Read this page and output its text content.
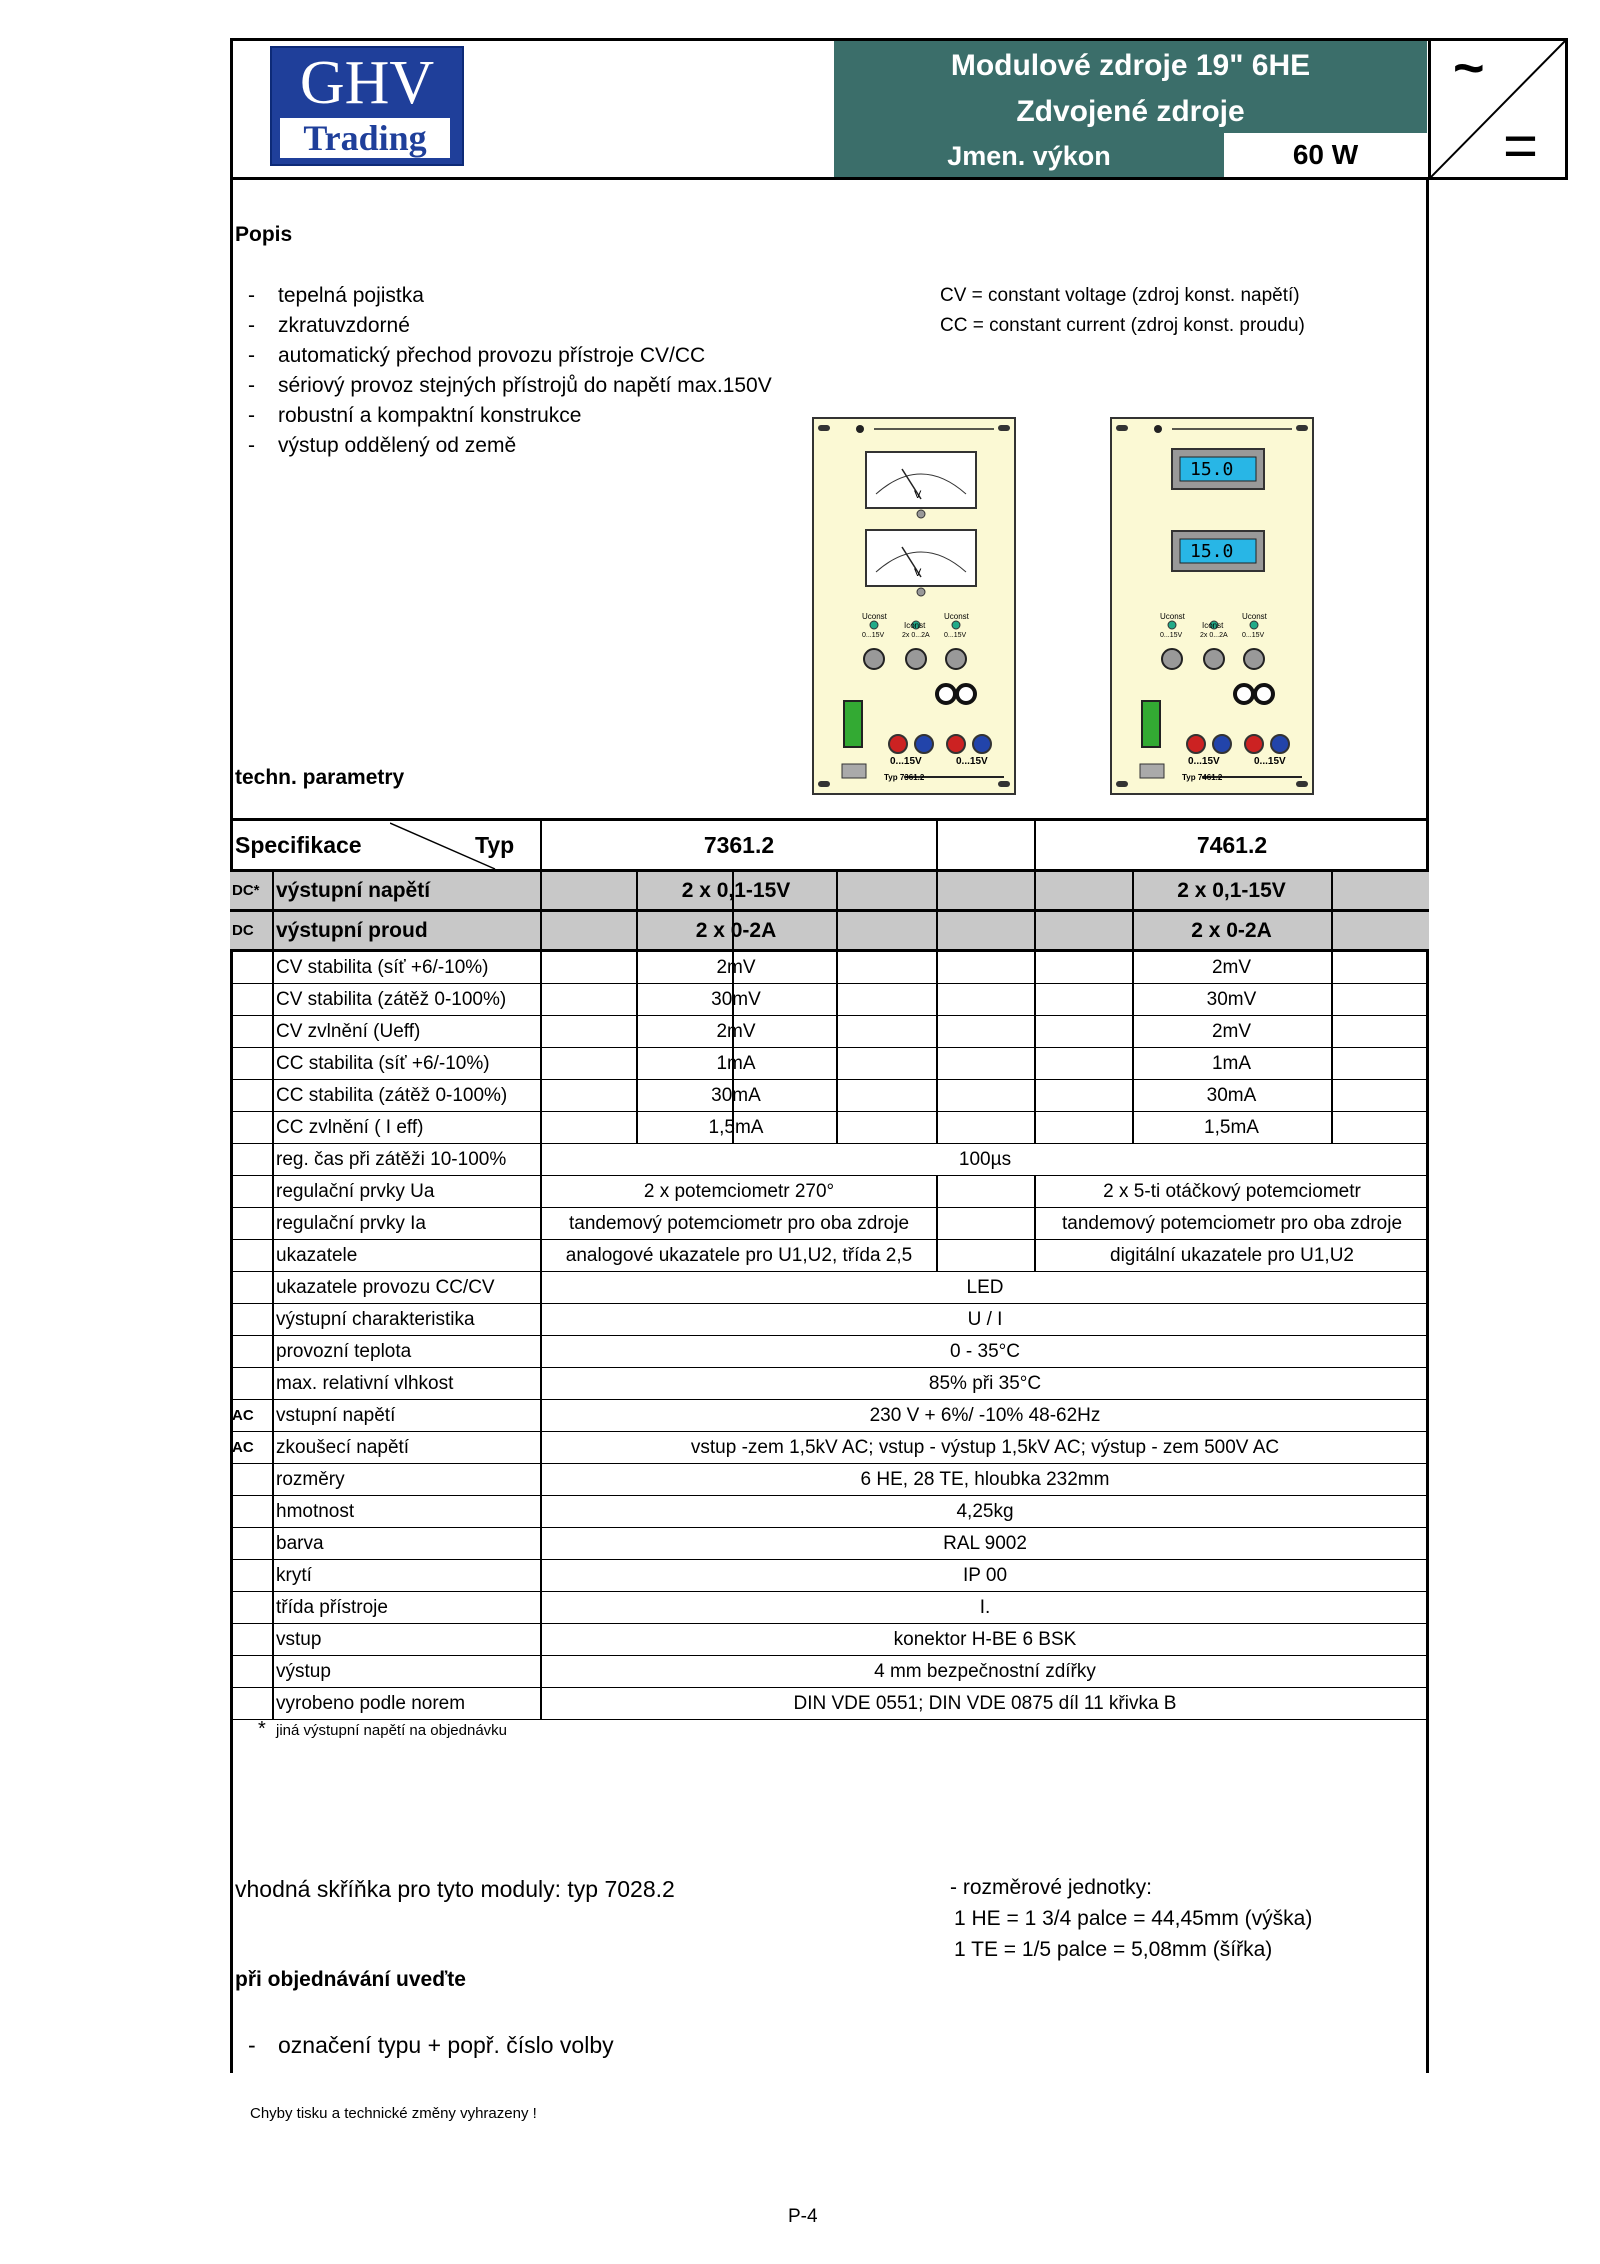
GHV
Trading
Modulové zdroje 19" 6HE
Zdvojené zdroje
Jmen. výkon	60 W
~
=
Popis
- tepelná pojistka
- zkratuvzdorné
- automatický přechod provozu přístroje CV/CC
- sériový provoz stejných přístrojů do napětí max.150V
- robustní a kompaktní konstrukce
- výstup oddělený od země
CV = constant voltage (zdroj konst. napětí)
CC = constant current (zdroj konst. proudu)
V
V
Uconst
Iconst
Uconst
0...15V	2x 0...2A 0...15V
0...15V	0...15V
Typ 7361.2
15.0
15.0
Uconst
Iconst
Uconst
0...15V	2x 0...2A 0...15V
0...15V	0...15V
Typ 7461.2
techn. parametry
Specifikace	Typ	7361.2	7461.2
DC* výstupní napětí	2 x 0,1-15V	2 x 0,1-15V
DC	výstupní proud	2 x 0-2A	2 x 0-2A
CV stabilita (síť +6/-10%)	2mV	2mV
CV stabilita (zátěž 0-100%)	30mV	30mV
CV zvlnění (Ueff)	2mV	2mV
CC stabilita (síť +6/-10%)	1mA	1mA
CC stabilita (zátěž 0-100%)	30mA	30mA
CC zvlnění ( I eff)	1,5mA	1,5mA
reg. čas při zátěži 10-100%	100µs
regulační prvky Ua	2 x potemciometr 270°	2 x 5-ti otáčkový potemciometr
regulační prvky Ia	tandemový potemciometr pro oba zdroje	tandemový potemciometr pro oba zdroje
ukazatele	analogové ukazatele pro U1,U2, třída 2,5	digitální ukazatele pro U1,U2
ukazatele provozu CC/CV	LED
výstupní charakteristika	U / I
provozní teplota	0 - 35°C
max. relativní vlhkost	85% při 35°C
AC	vstupní napětí	230 V + 6%/ -10% 48-62Hz
AC	zkoušecí napětí	vstup -zem 1,5kV AC; vstup - výstup 1,5kV AC; výstup - zem 500V AC
rozměry	6 HE, 28 TE, hloubka 232mm
hmotnost	4,25kg
barva	RAL 9002
krytí	IP 00
třída přístroje	I.
vstup	konektor H-BE 6 BSK
výstup	4 mm bezpečnostní zdířky
vyrobeno podle norem	DIN VDE 0551; DIN VDE 0875 díl 11 křivka B
* jiná výstupní napětí na objednávku
vhodná skříňka pro tyto moduly: typ 7028.2	- rozměrové jednotky:
1 HE = 1 3/4 palce = 44,45mm (výška)
1 TE = 1/5 palce = 5,08mm (šířka)
při objednávání uveďte
- označení typu + popř. číslo volby
Chyby tisku a technické změny vyhrazeny !
P-4
